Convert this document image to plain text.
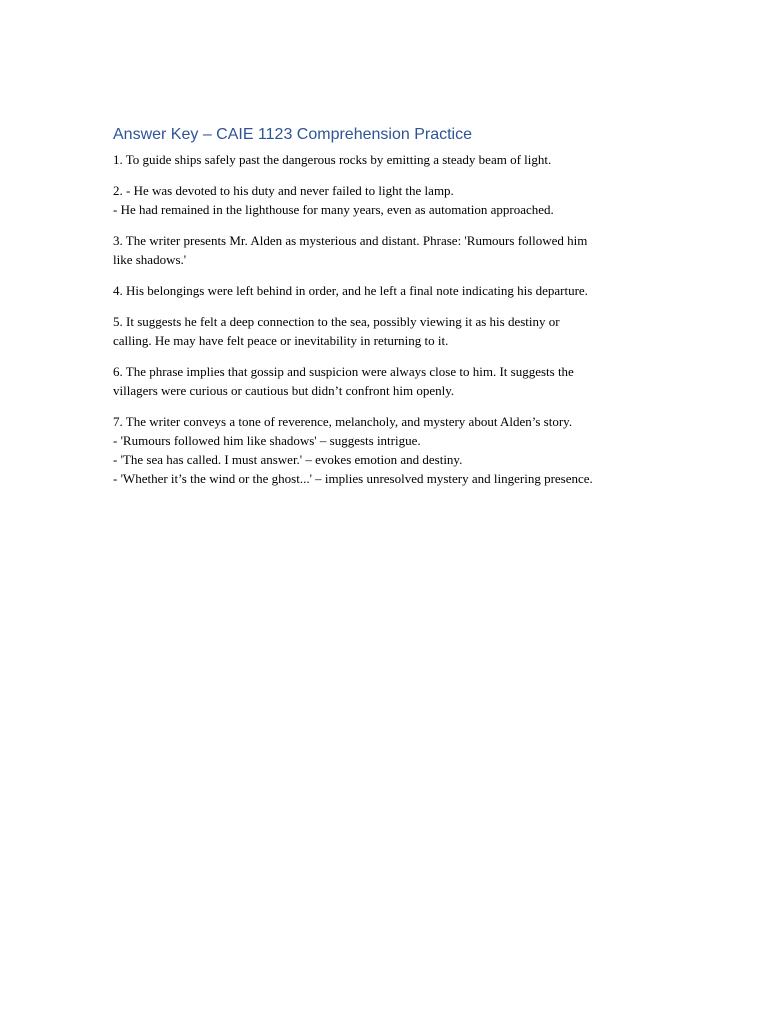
Answer Key – CAIE 1123 Comprehension Practice

1. To guide ships safely past the dangerous rocks by emitting a steady beam of light.

2. - He was devoted to his duty and never failed to light the lamp.
- He had remained in the lighthouse for many years, even as automation approached.

3. The writer presents Mr. Alden as mysterious and distant. Phrase: 'Rumours followed him
like shadows.'

4. His belongings were left behind in order, and he left a final note indicating his departure.

5. It suggests he felt a deep connection to the sea, possibly viewing it as his destiny or
calling. He may have felt peace or inevitability in returning to it.

6. The phrase implies that gossip and suspicion were always close to him. It suggests the
villagers were curious or cautious but didn’t confront him openly.

7. The writer conveys a tone of reverence, melancholy, and mystery about Alden’s story.
- 'Rumours followed him like shadows' – suggests intrigue.
- 'The sea has called. I must answer.' – evokes emotion and destiny.
- 'Whether it’s the wind or the ghost...' – implies unresolved mystery and lingering presence.
